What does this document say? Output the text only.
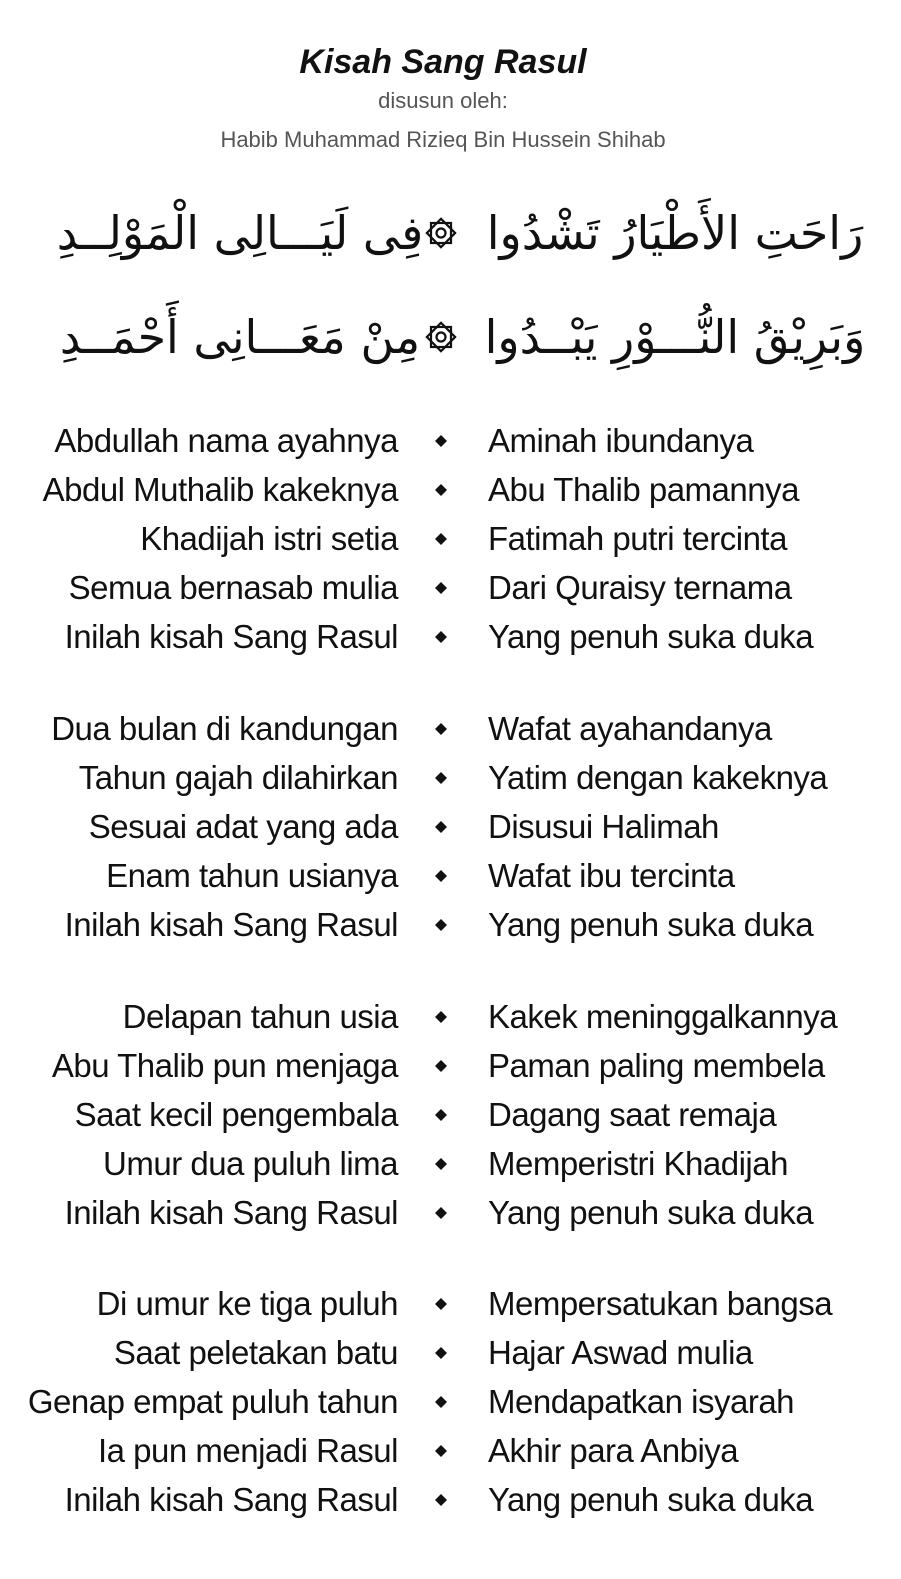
Kisah Sang Rasul
disusun oleh:
Habib Muhammad Rizieq Bin Hussein Shihab
فِى لَيَـــالِى الْمَوْلِــدِ رَاحَتِ الأَطْيَارُ تَشْدُوا
مِنْ مَعَـــانِى أَحْمَــدِ	وَبَرِيْقُ النُّـــوْرِ يَبْــدُوا
Abdullah nama ayahnya	Aminah ibundanya
Abdul Muthalib kakeknya	Abu Thalib pamannya
Khadijah istri setia	Fatimah putri tercinta
Semua bernasab mulia	Dari Quraisy ternama
Inilah kisah Sang Rasul	Yang penuh suka duka
Dua bulan di kandungan	Wafat ayahandanya
Tahun gajah dilahirkan	Yatim dengan kakeknya
Sesuai adat yang ada	Disusui Halimah
Enam tahun usianya	Wafat ibu tercinta
Inilah kisah Sang Rasul	Yang penuh suka duka
Delapan tahun usia	Kakek meninggalkannya
Abu Thalib pun menjaga	Paman paling membela
Saat kecil pengembala	Dagang saat remaja
Umur dua puluh lima	Memperistri Khadijah
Inilah kisah Sang Rasul	Yang penuh suka duka
Di umur ke tiga puluh	Mempersatukan bangsa
Saat peletakan batu	Hajar Aswad mulia
Genap empat puluh tahun	Mendapatkan isyarah
Ia pun menjadi Rasul	Akhir para Anbiya
Inilah kisah Sang Rasul	Yang penuh suka duka
